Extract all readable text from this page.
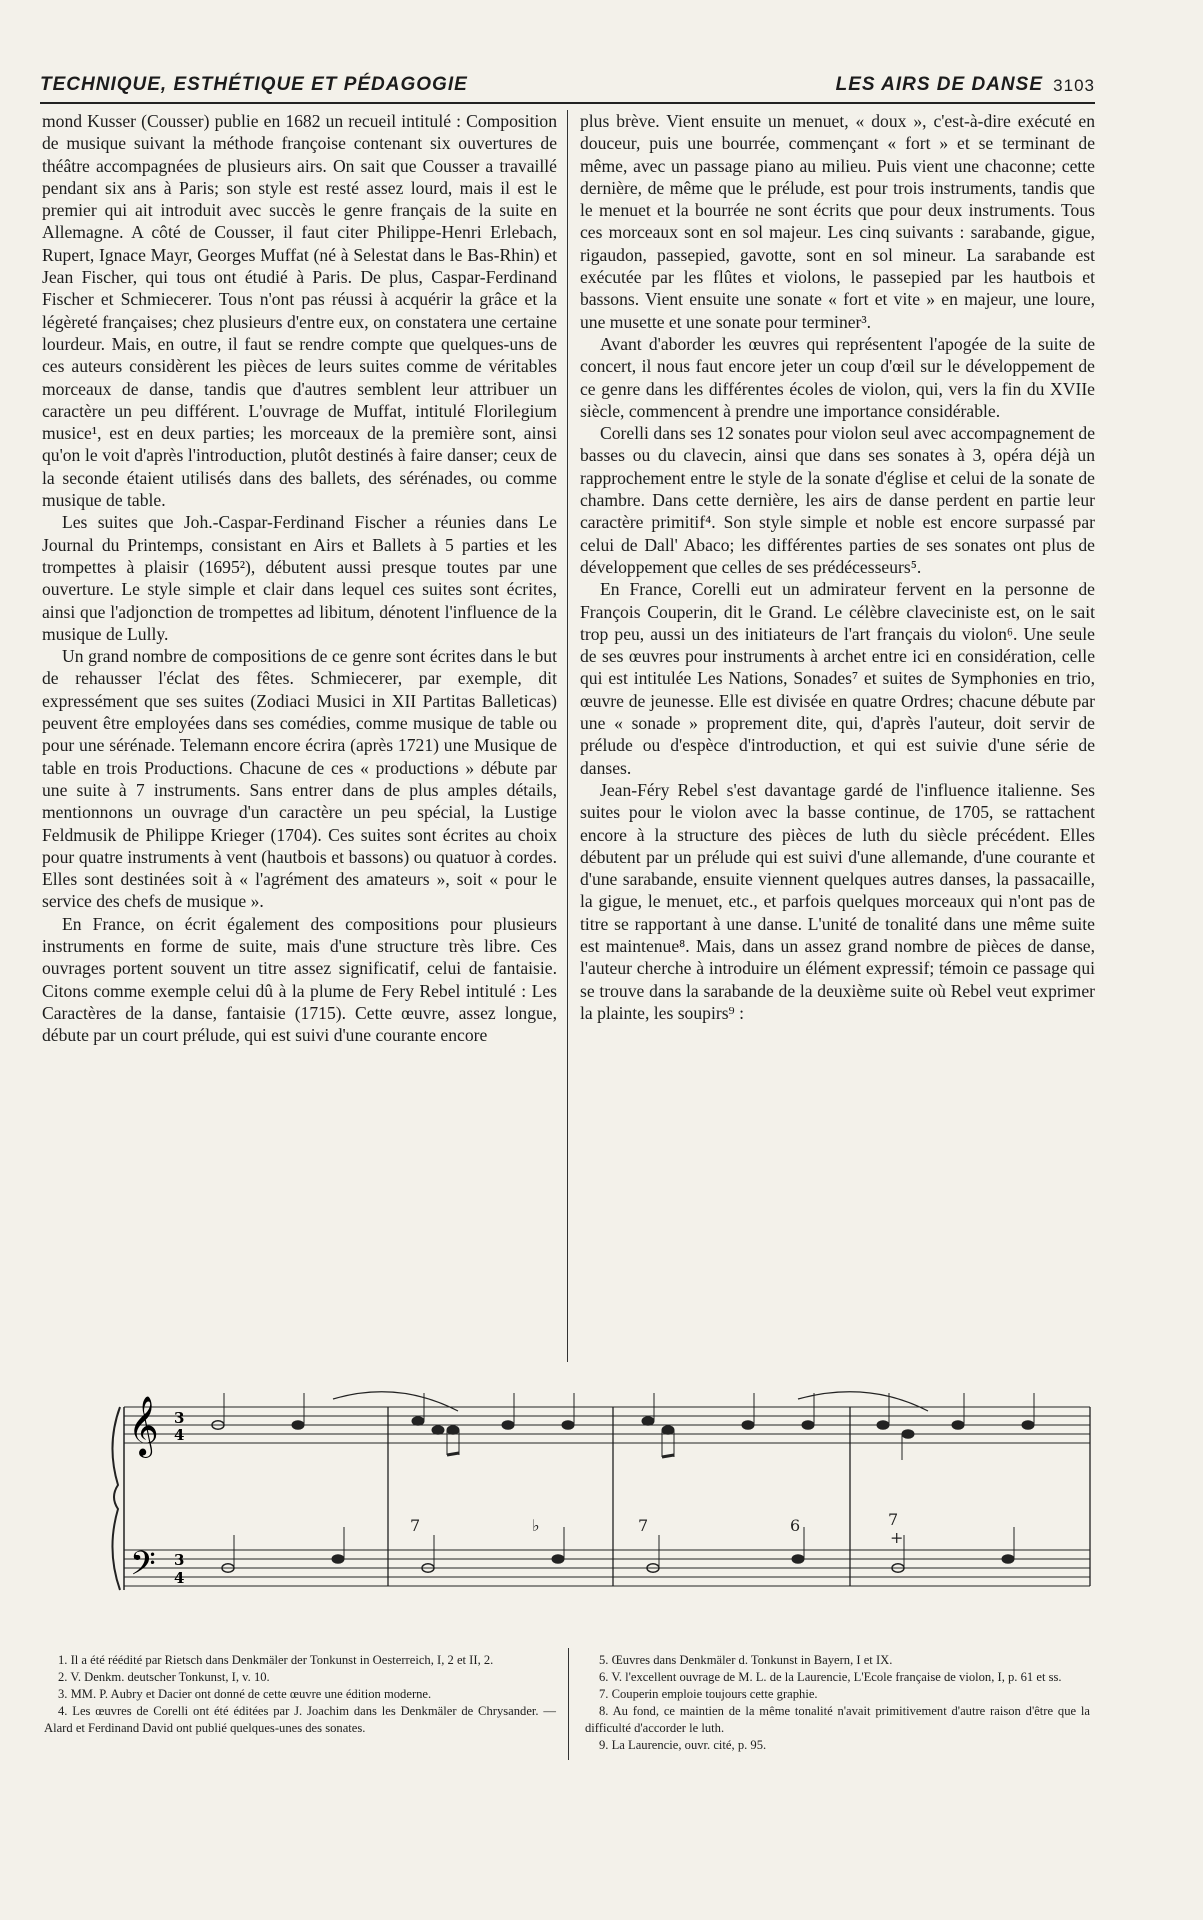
TECHNIQUE, ESTHÉTIQUE ET PÉDAGOGIE	LES AIRS DE DANSE 3103

mond Kusser (Cousser) publie en 1682 un recueil intitulé : Composition de musique suivant la méthode françoise contenant six ouvertures de théâtre accompagnées de plusieurs airs. On sait que Cousser a travaillé pendant six ans à Paris; son style est resté assez lourd, mais il est le premier qui ait introduit avec succès le genre français de la suite en Allemagne. A côté de Cousser, il faut citer Philippe-Henri Erlebach, Rupert, Ignace Mayr, Georges Muffat (né à Selestat dans le Bas-Rhin) et Jean Fischer, qui tous ont étudié à Paris. De plus, Caspar-Ferdinand Fischer et Schmiecerer. Tous n'ont pas réussi à acquérir la grâce et la légèreté françaises; chez plusieurs d'entre eux, on constatera une certaine lourdeur. Mais, en outre, il faut se rendre compte que quelques-uns de ces auteurs considèrent les pièces de leurs suites comme de véritables morceaux de danse, tandis que d'autres semblent leur attribuer un caractère un peu différent. L'ouvrage de Muffat, intitulé Florilegium musice¹, est en deux parties; les morceaux de la première sont, ainsi qu'on le voit d'après l'introduction, plutôt destinés à faire danser; ceux de la seconde étaient utilisés dans des ballets, des sérénades, ou comme musique de table.

Les suites que Joh.-Caspar-Ferdinand Fischer a réunies dans Le Journal du Printemps, consistant en Airs et Ballets à 5 parties et les trompettes à plaisir (1695²), débutent aussi presque toutes par une ouverture. Le style simple et clair dans lequel ces suites sont écrites, ainsi que l'adjonction de trompettes ad libitum, dénotent l'influence de la musique de Lully.

Un grand nombre de compositions de ce genre sont écrites dans le but de rehausser l'éclat des fêtes. Schmiecerer, par exemple, dit expressément que ses suites (Zodiaci Musici in XII Partitas Balleticas) peuvent être employées dans ses comédies, comme musique de table ou pour une sérénade. Telemann encore écrira (après 1721) une Musique de table en trois Productions. Chacune de ces « productions » débute par une suite à 7 instruments. Sans entrer dans de plus amples détails, mentionnons un ouvrage d'un caractère un peu spécial, la Lustige Feldmusik de Philippe Krieger (1704). Ces suites sont écrites au choix pour quatre instruments à vent (hautbois et bassons) ou quatuor à cordes. Elles sont destinées soit à « l'agrément des amateurs », soit « pour le service des chefs de musique ».

En France, on écrit également des compositions pour plusieurs instruments en forme de suite, mais d'une structure très libre. Ces ouvrages portent souvent un titre assez significatif, celui de fantaisie. Citons comme exemple celui dû à la plume de Fery Rebel intitulé : Les Caractères de la danse, fantaisie (1715). Cette œuvre, assez longue, débute par un court prélude, qui est suivi d'une courante encore

plus brève. Vient ensuite un menuet, « doux », c'est-à-dire exécuté en douceur, puis une bourrée, commençant « fort » et se terminant de même, avec un passage piano au milieu. Puis vient une chaconne; cette dernière, de même que le prélude, est pour trois instruments, tandis que le menuet et la bourrée ne sont écrits que pour deux instruments. Tous ces morceaux sont en sol majeur. Les cinq suivants : sarabande, gigue, rigaudon, passepied, gavotte, sont en sol mineur. La sarabande est exécutée par les flûtes et violons, le passepied par les hautbois et bassons. Vient ensuite une sonate « fort et vite » en majeur, une loure, une musette et une sonate pour terminer³.

Avant d'aborder les œuvres qui représentent l'apogée de la suite de concert, il nous faut encore jeter un coup d'œil sur le développement de ce genre dans les différentes écoles de violon, qui, vers la fin du XVIIe siècle, commencent à prendre une importance considérable.

Corelli dans ses 12 sonates pour violon seul avec accompagnement de basses ou du clavecin, ainsi que dans ses sonates à 3, opéra déjà un rapprochement entre le style de la sonate d'église et celui de la sonate de chambre. Dans cette dernière, les airs de danse perdent en partie leur caractère primitif⁴. Son style simple et noble est encore surpassé par celui de Dall' Abaco; les différentes parties de ses sonates ont plus de développement que celles de ses prédécesseurs⁵.

En France, Corelli eut un admirateur fervent en la personne de François Couperin, dit le Grand. Le célèbre claveciniste est, on le sait trop peu, aussi un des initiateurs de l'art français du violon⁶. Une seule de ses œuvres pour instruments à archet entre ici en considération, celle qui est intitulée Les Nations, Sonades⁷ et suites de Symphonies en trio, œuvre de jeunesse. Elle est divisée en quatre Ordres; chacune débute par une « sonade » proprement dite, qui, d'après l'auteur, doit servir de prélude ou d'espèce d'introduction, et qui est suivie d'une série de danses.

Jean-Féry Rebel s'est davantage gardé de l'influence italienne. Ses suites pour le violon avec la basse continue, de 1705, se rattachent encore à la structure des pièces de luth du siècle précédent. Elles débutent par un prélude qui est suivi d'une allemande, d'une courante et d'une sarabande, ensuite viennent quelques autres danses, la passacaille, la gigue, le menuet, etc., et parfois quelques morceaux qui n'ont pas de titre se rapportant à une danse. L'unité de tonalité dans une même suite est maintenue⁸. Mais, dans un assez grand nombre de pièces de danse, l'auteur cherche à introduire un élément expressif; témoin ce passage qui se trouve dans la sarabande de la deuxième suite où Rebel veut exprimer la plainte, les soupirs⁹ :

𝄞
𝄢
3
4
3
4
7	♭	7	6	7
+

1. Il a été réédité par Rietsch dans Denkmäler der Tonkunst in Oesterreich, I, 2 et II, 2.

2. V. Denkm. deutscher Tonkunst, I, v. 10.

3. MM. P. Aubry et Dacier ont donné de cette œuvre une édition moderne.

4. Les œuvres de Corelli ont été éditées par J. Joachim dans les Denkmäler de Chrysander. — Alard et Ferdinand David ont publié quelques-unes des sonates.

5. Œuvres dans Denkmäler d. Tonkunst in Bayern, I et IX.

6. V. l'excellent ouvrage de M. L. de la Laurencie, L'Ecole française de violon, I, p. 61 et ss.

7. Couperin emploie toujours cette graphie.

8. Au fond, ce maintien de la même tonalité n'avait primitivement d'autre raison d'être que la difficulté d'accorder le luth.

9. La Laurencie, ouvr. cité, p. 95.
